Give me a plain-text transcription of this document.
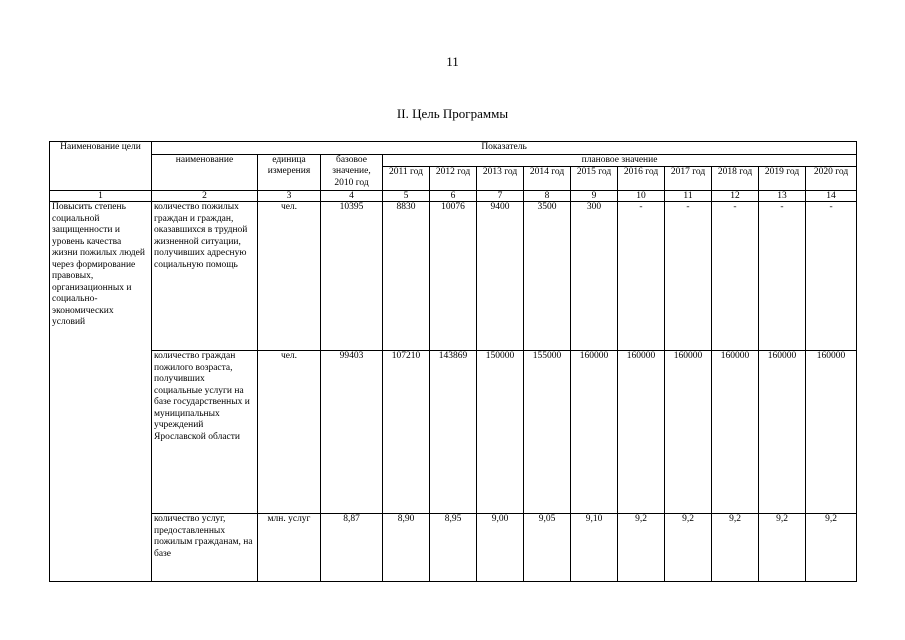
11
II. Цель Программы
Наименование цели	Показатель												
	наименование	единица измерения	базовое значение, 2010 год	плановое значение									
				2011 год	2012 год	2013 год	2014 год	2015 год	2016 год	2017 год	2018 год	2019 год	2020 год
1	2	3	4	5	6	7	8	9	10	11	12	13	14
Повысить степень социальной защищенности и уровень качества жизни пожилых людей через формирование правовых, организационных и социально-экономических условий	количество пожилых граждан и граждан, оказавшихся в трудной жизненной ситуации, получивших адресную социальную помощь	чел.	10395	8830	10076	9400	3500	300	-	-	-	-	-
	количество граждан пожилого возраста, получивших социальные услуги на базе государственных и муниципальных учреждений Ярославской области	чел.	99403	107210	143869	150000	155000	160000	160000	160000	160000	160000	160000
	количество услуг, предоставленных пожилым гражданам, на базе	млн. услуг	8,87	8,90	8,95	9,00	9,05	9,10	9,2	9,2	9,2	9,2	9,2
